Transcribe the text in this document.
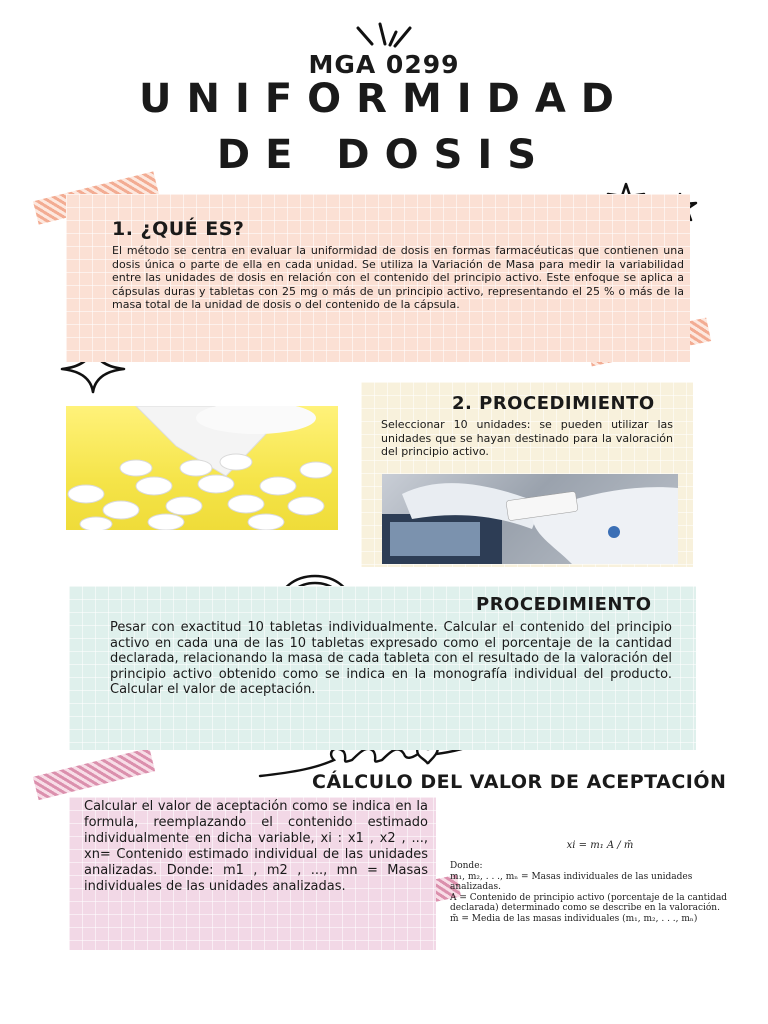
MGA 0299
UNIFORMIDAD
DE DOSIS
1. ¿QUÉ ES?
El método se centra en evaluar la uniformidad de dosis en formas farmacéuticas que contienen una dosis única o parte de ella en cada unidad. Se utiliza la Variación de Masa para medir la variabilidad entre las unidades de dosis en relación con el contenido del principio activo. Este enfoque se aplica a cápsulas duras y tabletas con 25 mg o más de un principio activo, representando el 25 % o más de la masa total de la unidad de dosis o del contenido de la cápsula.
2. PROCEDIMIENTO
Seleccionar 10 unidades: se pueden utilizar las unidades que se hayan destinado para la valoración del principio activo.
PROCEDIMIENTO
Pesar con exactitud 10 tabletas individualmente. Calcular el contenido del principio activo en cada una de las 10 tabletas expresado como el porcentaje de la cantidad declarada, relacionando la masa de cada tableta con el resultado de la valoración del principio activo obtenido como se indica en la monografía individual del producto. Calcular el valor de aceptación.
CÁLCULO DEL VALOR DE ACEPTACIÓN
Calcular el valor de aceptación como se indica en la formula, reemplazando el contenido estimado individualmente en dicha variable, xi : x1 , x2 , ..., xn= Contenido estimado individual de las unidades analizadas. Donde: m1 , m2 , ..., mn = Masas individuales de las unidades analizadas.
xi = m₁ A / m̄
Donde:
m₁, m₂, . . ., mₙ = Masas individuales de las unidades
analizadas.
A = Contenido de principio activo (porcentaje de la cantidad
declarada) determinado como se describe en la valoración.
m̄ = Media de las masas individuales (m₁, m₂, . . ., mₙ)
